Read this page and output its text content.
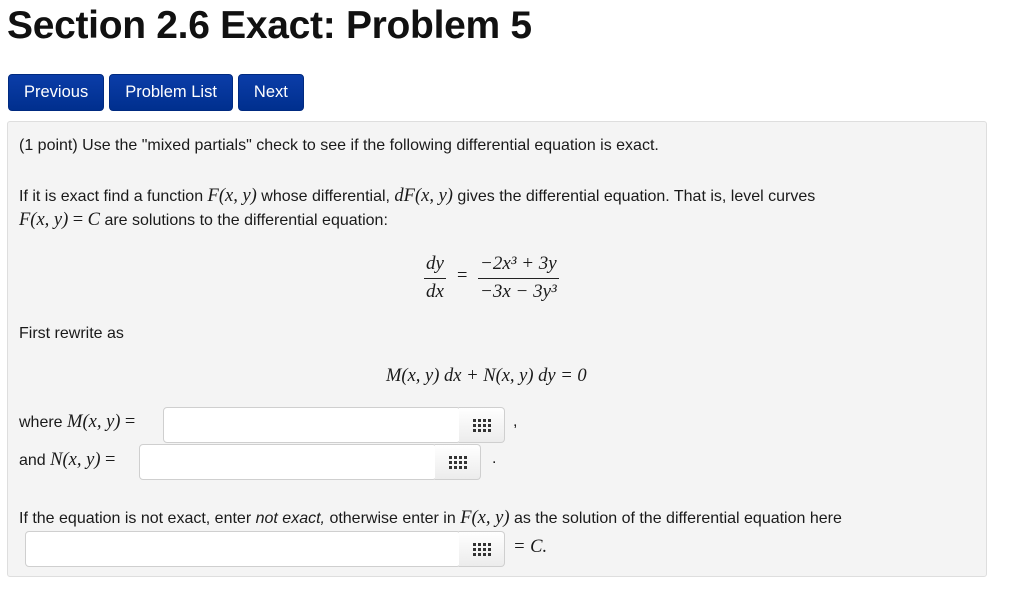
Section 2.6 Exact: Problem 5
Previous	Problem List	Next
(1 point) Use the "mixed partials" check to see if the following differential equation is exact.
If it is exact find a function F(x, y) whose differential, dF(x, y) gives the differential equation. That is, level curves
F(x, y) = C are solutions to the differential equation:
$\frac{dy}{dx} = \frac{\text{−2x³ + 3y}}{\text{−3x − 3y³}}$
First rewrite as
M(x, y) dx + N(x, y) dy = 0
where M(x, y) =	,
and N(x, y) =	.
If the equation is not exact, enter not exact, otherwise enter in F(x, y) as the solution of the differential equation here
= C.
